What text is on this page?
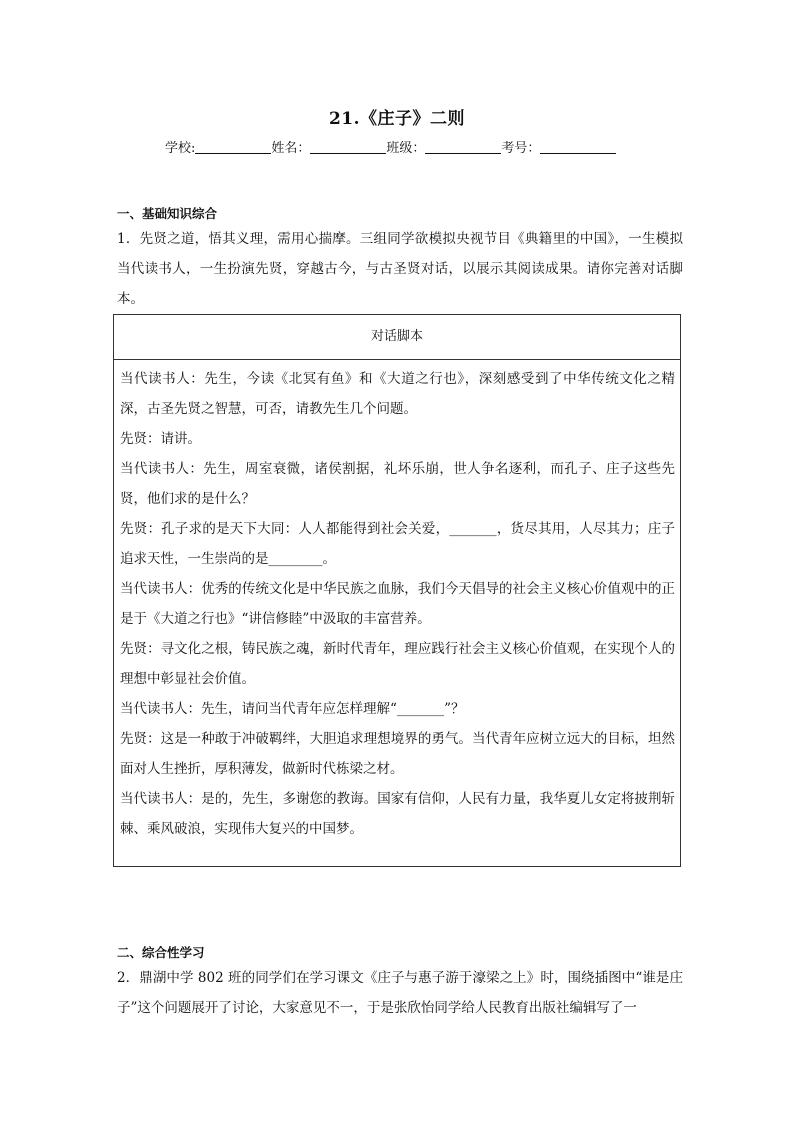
21.《庄子》二则
学校:	姓名：	班级：	考号：
一、基础知识综合
1．先贤之道，悟其义理，需用心揣摩。三组同学欲模拟央视节目《典籍里的中国》，一生模拟当代读书人，一生扮演先贤，穿越古今，与古圣贤对话，以展示其阅读成果。请你完善对话脚本。
对话脚本

当代读书人：先生，今读《北冥有鱼》和《大道之行也》，深刻感受到了中华传统文化之精深，古圣先贤之智慧，可否，请教先生几个问题。

先贤：请讲。

当代读书人：先生，周室衰微，诸侯割据，礼坏乐崩，世人争名逐利，而孔子、庄子这些先贤，他们求的是什么？

先贤：孔子求的是天下大同：人人都能得到社会关爱，_______，货尽其用，人尽其力；庄子追求天性，一生崇尚的是________。

当代读书人：优秀的传统文化是中华民族之血脉，我们今天倡导的社会主义核心价值观中的正是于《大道之行也》“讲信修睦”中汲取的丰富营养。

先贤：寻文化之根，铸民族之魂，新时代青年，理应践行社会主义核心价值观，在实现个人的理想中彰显社会价值。

当代读书人：先生，请问当代青年应怎样理解“_______”？

先贤：这是一种敢于冲破羁绊，大胆追求理想境界的勇气。当代青年应树立远大的目标，坦然面对人生挫折，厚积薄发，做新时代栋梁之材。

当代读书人：是的，先生，多谢您的教诲。国家有信仰，人民有力量，我华夏儿女定将披荆斩棘、乘风破浪，实现伟大复兴的中国梦。

二、综合性学习
2．鼎湖中学 802 班的同学们在学习课文《庄子与惠子游于濠梁之上》时，围绕插图中“谁是庄子”这个问题展开了讨论，大家意见不一，于是张欣怡同学给人民教育出版社编辑写了一
